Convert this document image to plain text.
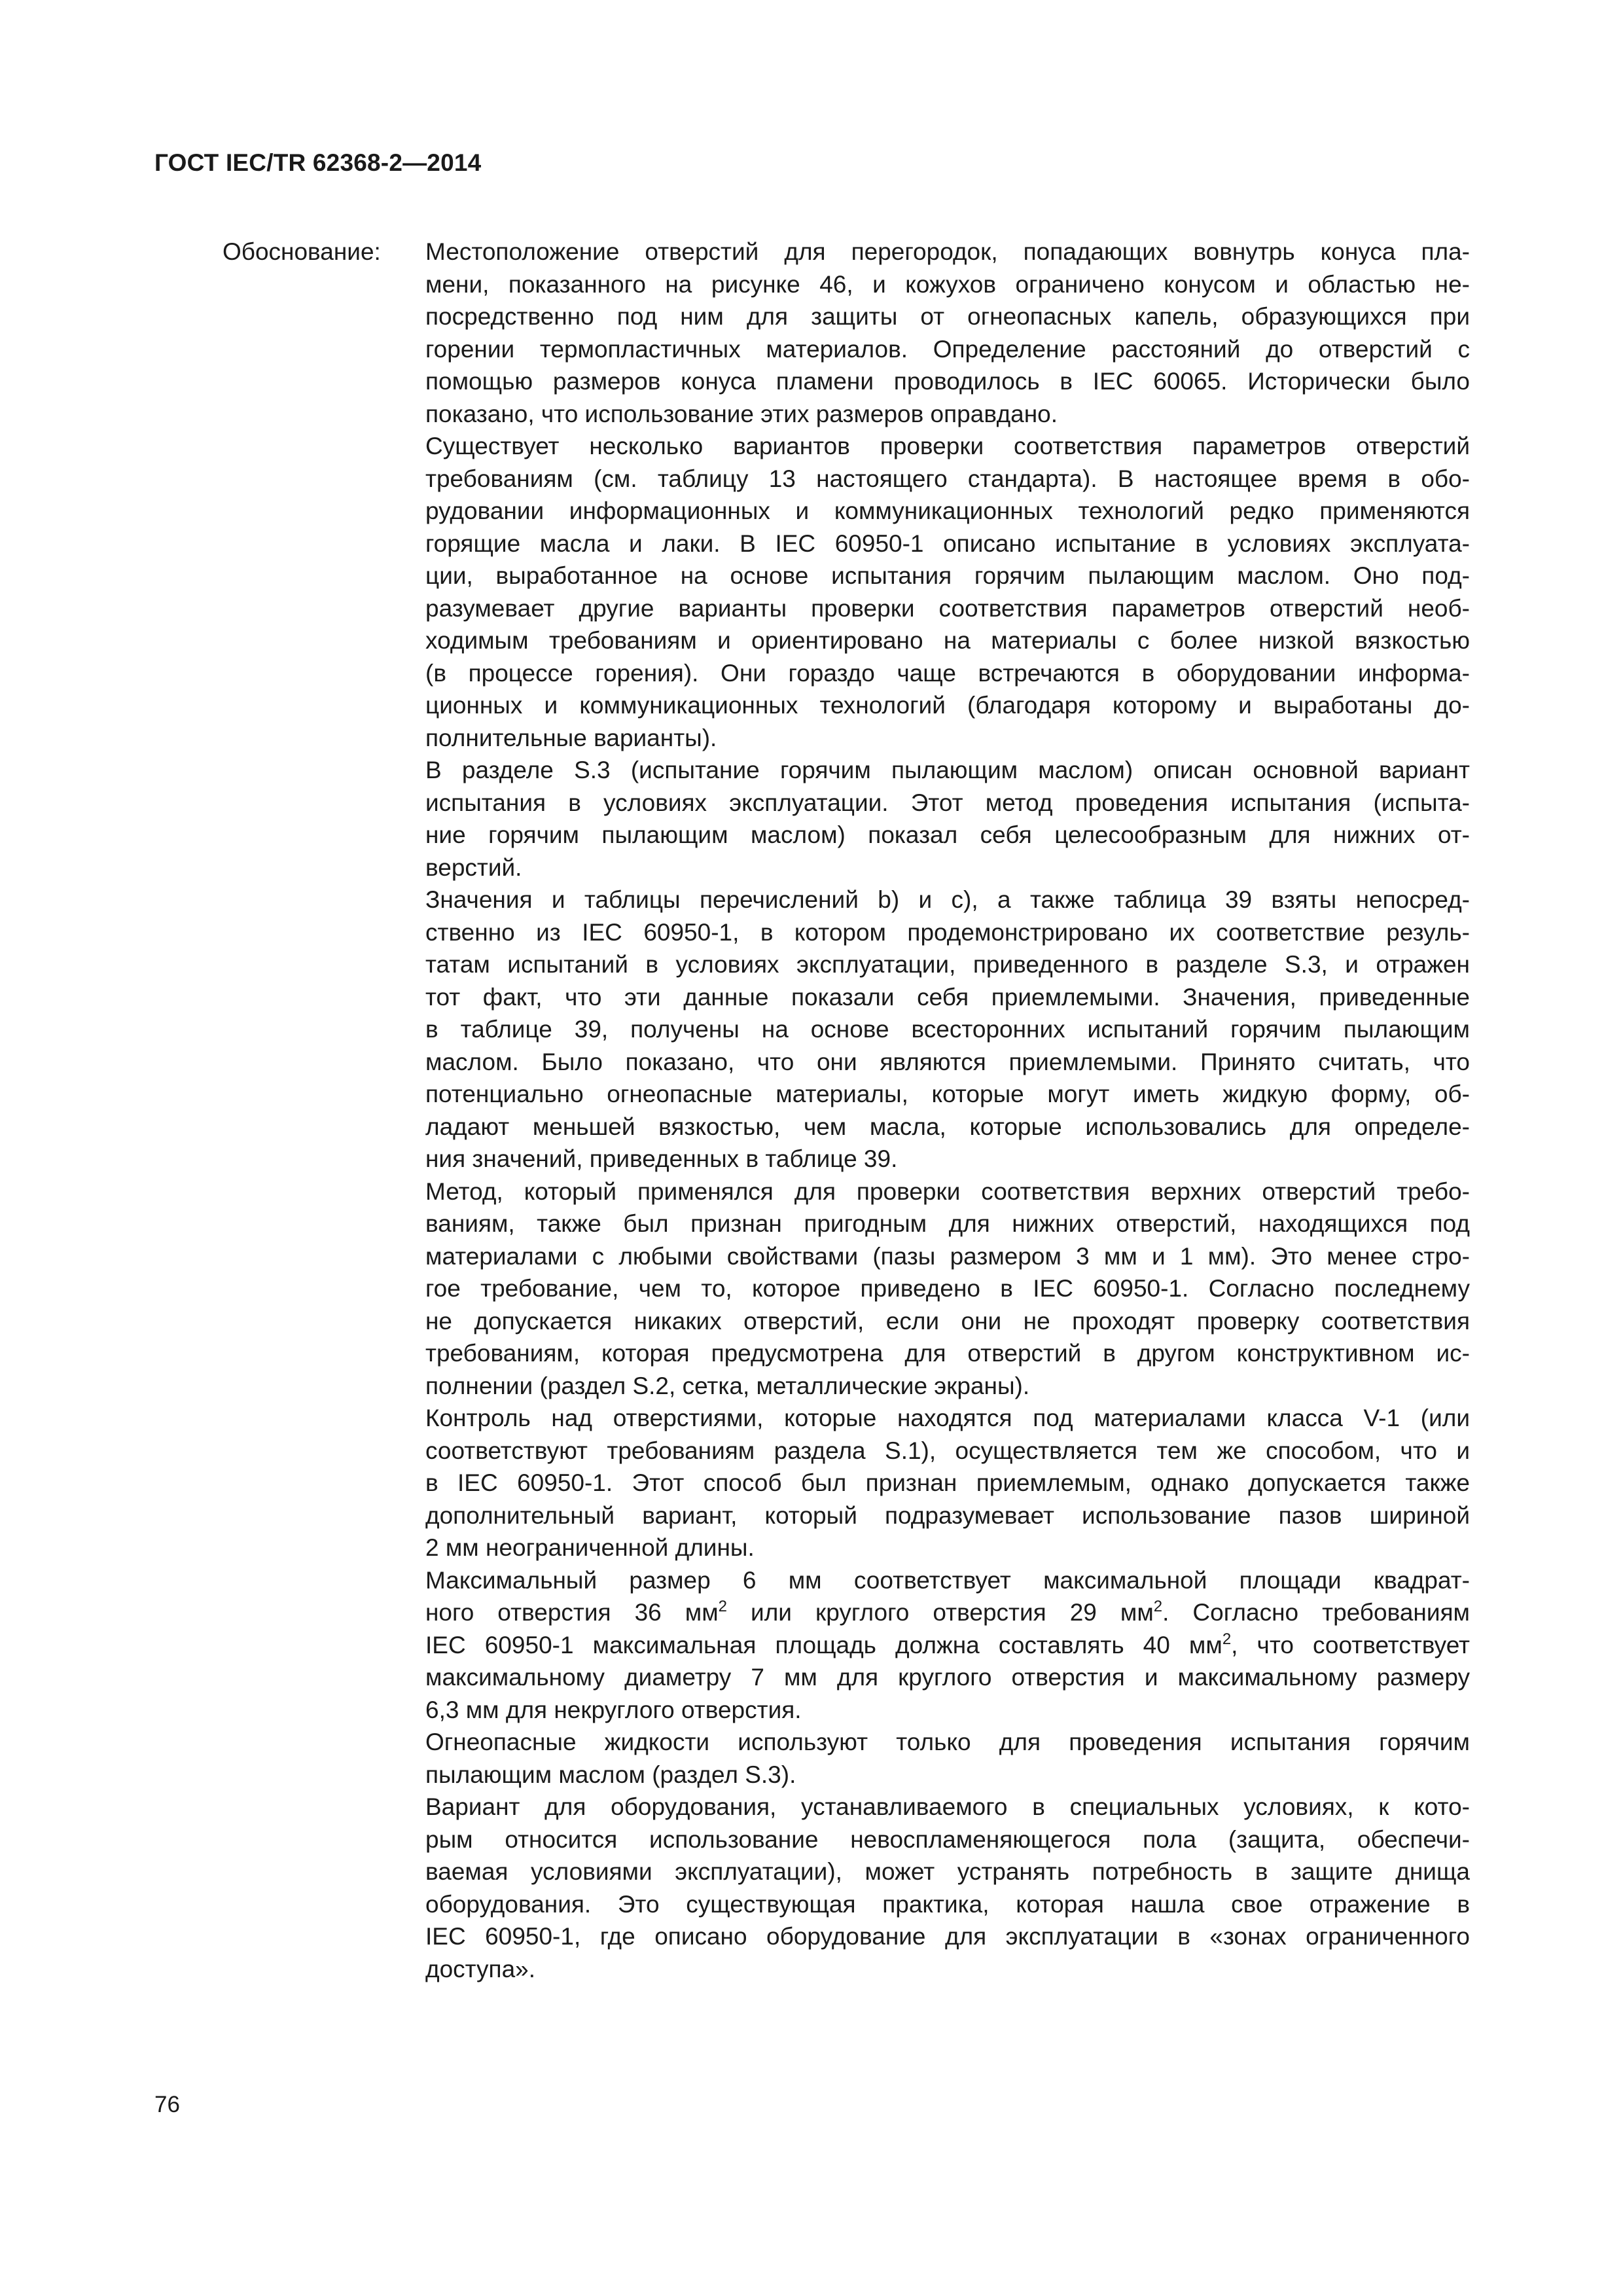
ГОСТ IEC/TR 62368-2—2014
Обоснование: Местоположение отверстий для перегородок, попадающих вовнутрь конуса пла-
мени, показанного на рисунке 46, и кожухов ограничено конусом и областью не-
посредственно под ним для защиты от огнеопасных капель, образующихся при
горении термопластичных материалов. Определение расстояний до отверстий с
помощью размеров конуса пламени проводилось в IEC 60065. Исторически было
показано, что использование этих размеров оправдано.

Существует несколько вариантов проверки соответствия параметров отверстий
требованиям (см. таблицу 13 настоящего стандарта). В настоящее время в обо-
рудовании информационных и коммуникационных технологий редко применяются
горящие масла и лаки. В IEC 60950-1 описано испытание в условиях эксплуата-
ции, выработанное на основе испытания горячим пылающим маслом. Оно под-
разумевает другие варианты проверки соответствия параметров отверстий необ-
ходимым требованиям и ориентировано на материалы с более низкой вязкостью
(в процессе горения). Они гораздо чаще встречаются в оборудовании информа-
ционных и коммуникационных технологий (благодаря которому и выработаны до-
полнительные варианты).

В разделе S.3 (испытание горячим пылающим маслом) описан основной вариант
испытания в условиях эксплуатации. Этот метод проведения испытания (испыта-
ние горячим пылающим маслом) показал себя целесообразным для нижних от-
верстий.

Значения и таблицы перечислений b) и с), а также таблица 39 взяты непосред-
ственно из IEC 60950-1, в котором продемонстрировано их соответствие резуль-
татам испытаний в условиях эксплуатации, приведенного в разделе S.3, и отражен
тот факт, что эти данные показали себя приемлемыми. Значения, приведенные
в таблице 39, получены на основе всесторонних испытаний горячим пылающим
маслом. Было показано, что они являются приемлемыми. Принято считать, что
потенциально огнеопасные материалы, которые могут иметь жидкую форму, об-
ладают меньшей вязкостью, чем масла, которые использовались для определе-
ния значений, приведенных в таблице 39.

Метод, который применялся для проверки соответствия верхних отверстий требо-
ваниям, также был признан пригодным для нижних отверстий, находящихся под
материалами с любыми свойствами (пазы размером 3 мм и 1 мм). Это менее стро-
гое требование, чем то, которое приведено в IEC 60950-1. Согласно последнему
не допускается никаких отверстий, если они не проходят проверку соответствия
требованиям, которая предусмотрена для отверстий в другом конструктивном ис-
полнении (раздел S.2, сетка, металлические экраны).

Контроль над отверстиями, которые находятся под материалами класса V-1 (или
соответствуют требованиям раздела S.1), осуществляется тем же способом, что и
в IEC 60950-1. Этот способ был признан приемлемым, однако допускается также
дополнительный вариант, который подразумевает использование пазов шириной
2 мм неограниченной длины.

Максимальный размер 6 мм соответствует максимальной площади квадрат-
ного отверстия 36 $мм^2$ или круглого отверстия 29 $мм^2$. Согласно требованиям
IEC 60950-1 максимальная площадь должна составлять 40 $мм^2$, что соответствует
максимальному диаметру 7 мм для круглого отверстия и максимальному размеру
6,3 мм для некруглого отверстия.

Огнеопасные жидкости используют только для проведения испытания горячим
пылающим маслом (раздел S.3).

Вариант для оборудования, устанавливаемого в специальных условиях, к кото-
рым относится использование невоспламеняющегося пола (защита, обеспечи-
ваемая условиями эксплуатации), может устранять потребность в защите днища
оборудования. Это существующая практика, которая нашла свое отражение в
IEC 60950-1, где описано оборудование для эксплуатации в «зонах ограниченного
доступа».

76
